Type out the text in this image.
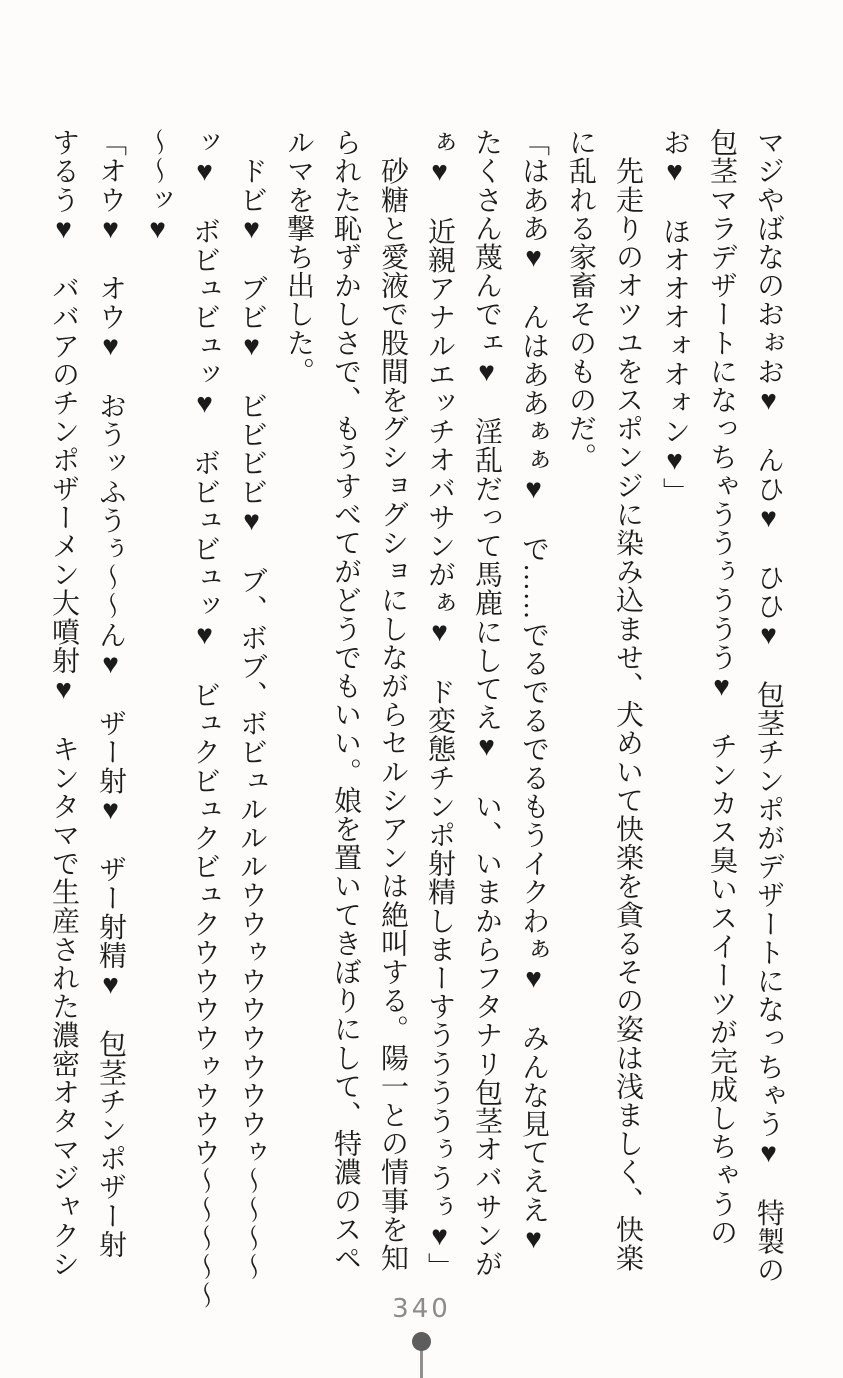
マジやばなのおぉお♥　んひ♥　ひひ♥　包茎チンポがデザートになっちゃう♥　特製の

包茎マラデザートになっちゃううぅううう♥　チンカス臭いスイーツが完成しちゃうの

お♥　ほオオオォオォン♥」

　先走りのオツユをスポンジに染み込ませ、犬めいて快楽を貪るその姿は浅ましく、快楽

に乱れる家畜そのものだ。

「はああ♥　んはああぁぁ♥　で……でるでるでるもうイクわぁ♥　みんな見てええ♥

たくさん蔑んでェ♥　淫乱だって馬鹿にしてえ♥　い、いまからフタナリ包茎オバサンが

ぁ♥　近親アナルエッチオバサンがぁ♥　ド変態チンポ射精しまーすううううぅうぅ♥」

　砂糖と愛液で股間をグショグショにしながらセルシアンは絶叫する。陽一との情事を知

られた恥ずかしさで、もうすべてがどうでもいい。娘を置いてきぼりにして、特濃のスペ

ルマを撃ち出した。

　ドビ♥　ブビ♥　ビビビビ♥　ブ、ボブ、ボビュルルルウウゥウウウウウウゥ～～～～

ッ♥　ボビュビュッ♥　ボビュビュッ♥　ビュクビュクビュクウウウウゥウウウ～～～～～

～～ッ♥

「オウ♥　オウ♥　おうッふうぅ～～ん♥　ザー射♥　ザー射精♥　包茎チンポザー射

するう♥　ババアのチンポザーメン大噴射♥　キンタマで生産された濃密オタマジャクシ

340
